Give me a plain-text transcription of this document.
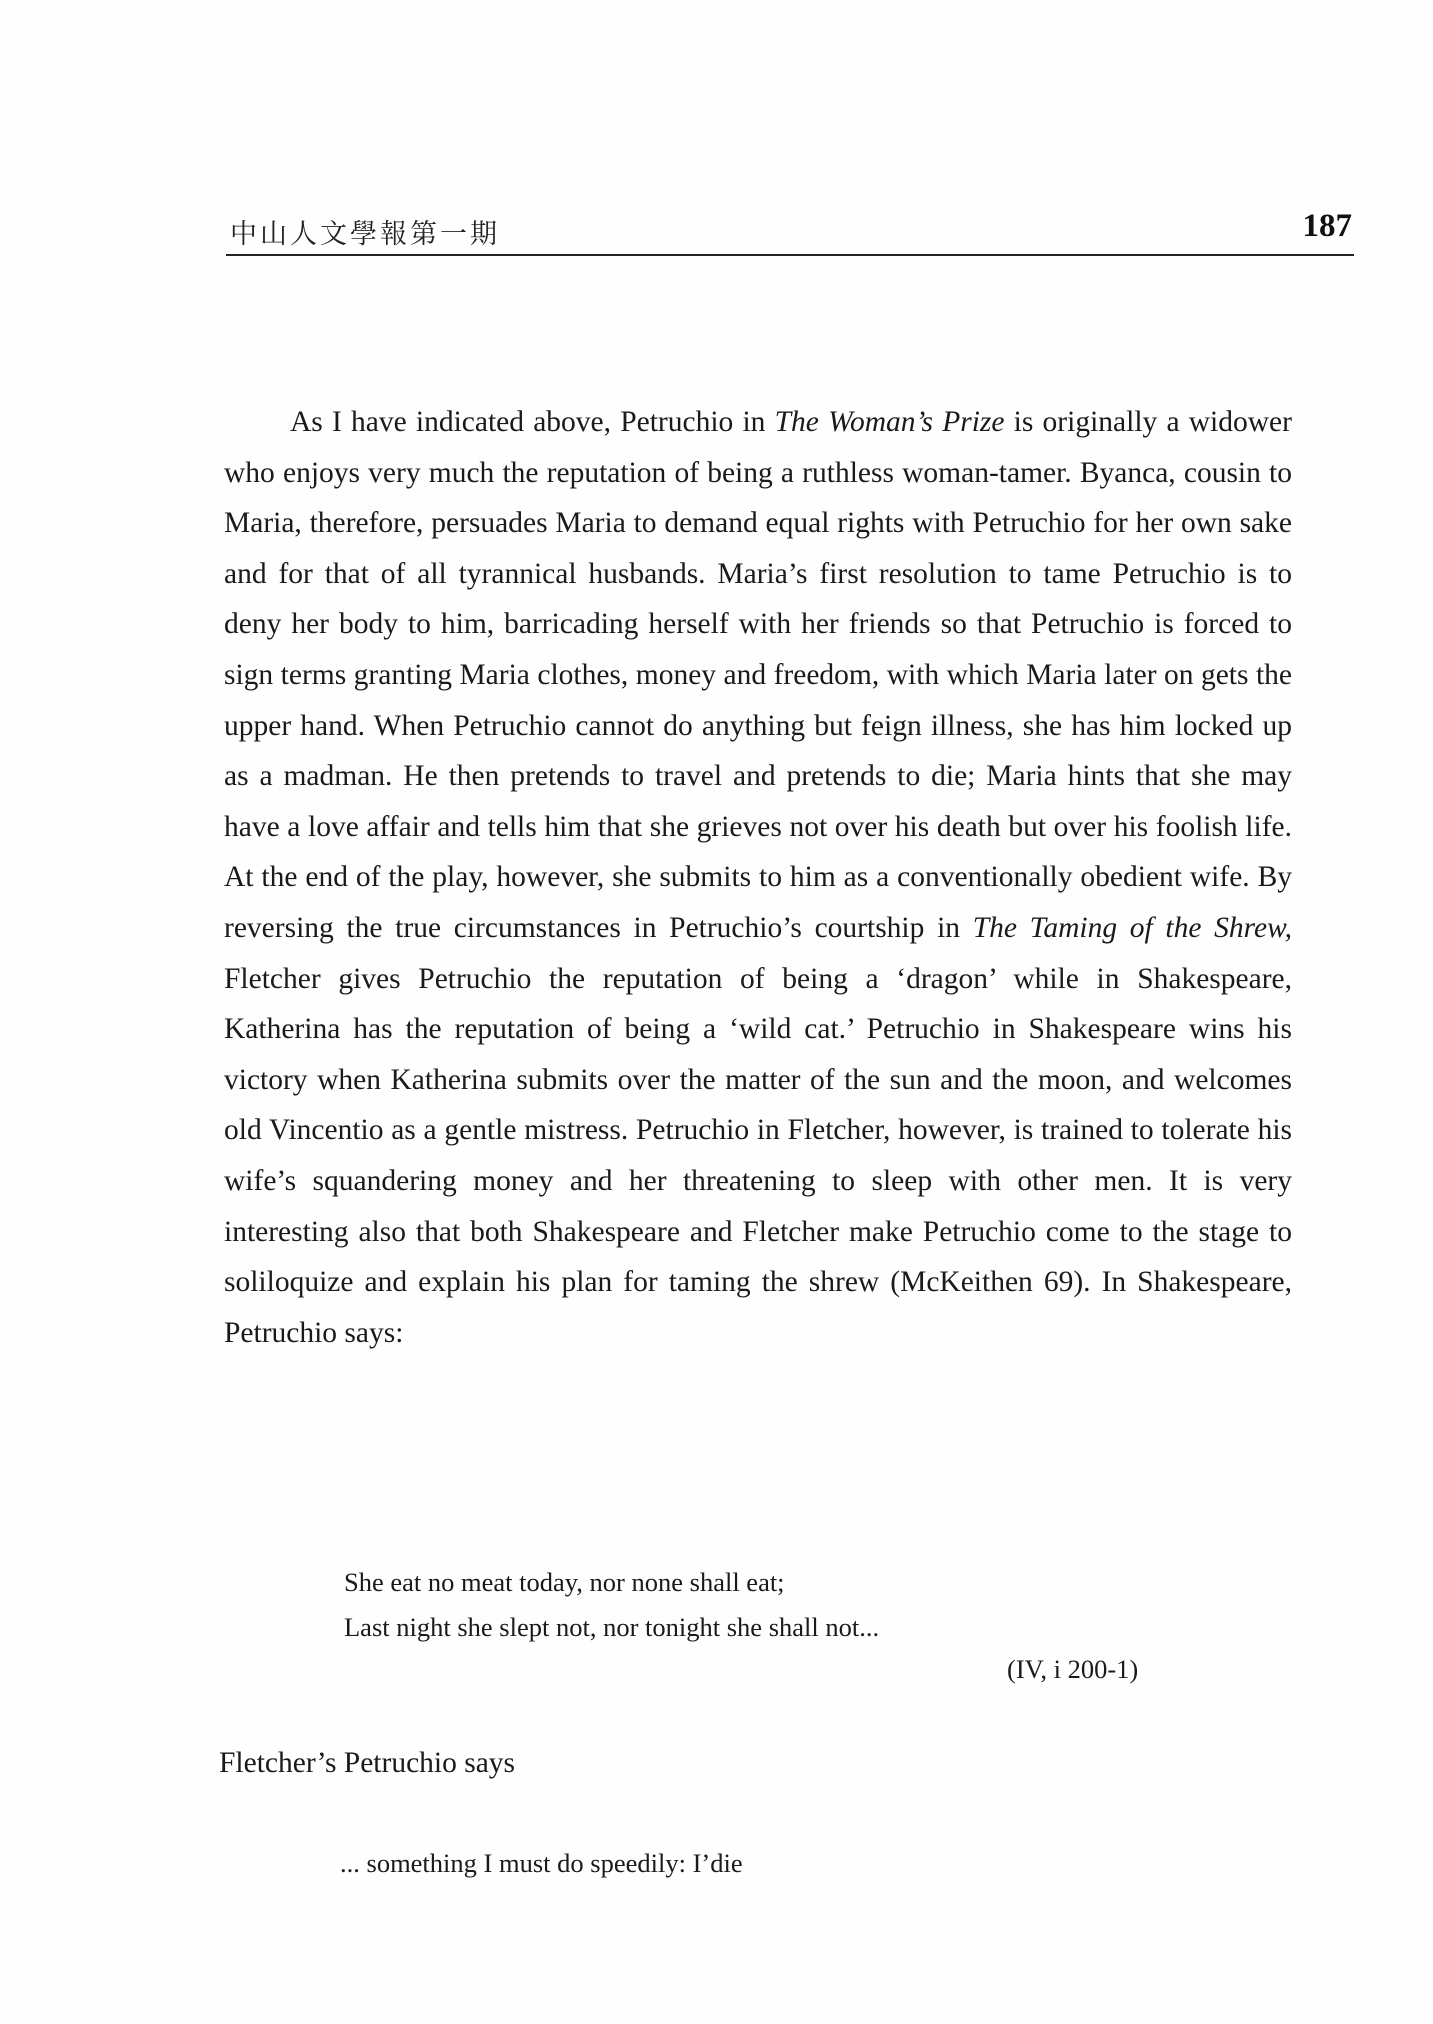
中山人文學報第一期	187

As I have indicated above, Petruchio in The Woman’s Prize is originally a widower who enjoys very much the reputation of being a ruthless woman-tamer. Byanca, cousin to Maria, therefore, persuades Maria to demand equal rights with Petruchio for her own sake and for that of all tyrannical husbands. Maria’s first resolution to tame Petruchio is to deny her body to him, barricading herself with her friends so that Petruchio is forced to sign terms granting Maria clothes, money and freedom, with which Maria later on gets the upper hand. When Petruchio cannot do anything but feign illness, she has him locked up as a madman. He then pretends to travel and pretends to die; Maria hints that she may have a love affair and tells him that she grieves not over his death but over his foolish life. At the end of the play, however, she submits to him as a conventionally obedient wife. By reversing the true circumstances in Petruchio’s courtship in The Taming of the Shrew, Fletcher gives Petruchio the reputation of being a ‘dragon’ while in Shakespeare, Katherina has the reputation of being a ‘wild cat.’ Petruchio in Shakespeare wins his victory when Katherina submits over the matter of the sun and the moon, and welcomes old Vincentio as a gentle mistress. Petruchio in Fletcher, however, is trained to tolerate his wife’s squandering money and her threatening to sleep with other men. It is very interesting also that both Shakespeare and Fletcher make Petruchio come to the stage to soliloquize and explain his plan for taming the shrew (McKeithen 69). In Shakespeare, Petruchio says:

She eat no meat today, nor none shall eat;
Last night she slept not, nor tonight she shall not...
(IV, i 200-1)
Fletcher’s Petruchio says
... something I must do speedily: I’die
